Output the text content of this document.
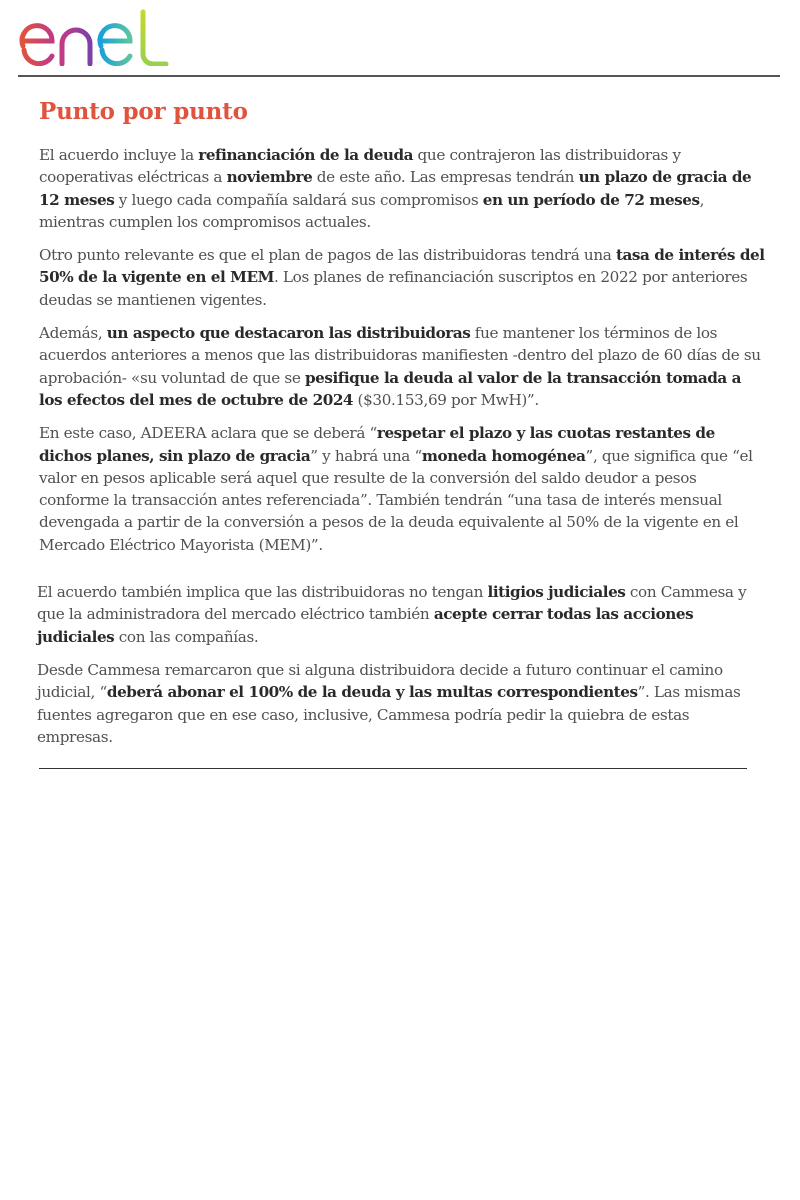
Punto por punto

El acuerdo incluye la refinanciación de la deuda que contrajeron las distribuidoras y cooperativas eléctricas a noviembre de este año. Las empresas tendrán un plazo de gracia de 12 meses y luego cada compañía saldará sus compromisos en un período de 72 meses, mientras cumplen los compromisos actuales.

Otro punto relevante es que el plan de pagos de las distribuidoras tendrá una tasa de interés del 50% de la vigente en el MEM. Los planes de refinanciación suscriptos en 2022 por anteriores deudas se mantienen vigentes.

Además, un aspecto que destacaron las distribuidoras fue mantener los términos de los acuerdos anteriores a menos que las distribuidoras manifiesten -dentro del plazo de 60 días de su aprobación- «su voluntad de que se pesifique la deuda al valor de la transacción tomada a los efectos del mes de octubre de 2024 ($30.153,69 por MwH)”.

En este caso, ADEERA aclara que se deberá “respetar el plazo y las cuotas restantes de dichos planes, sin plazo de gracia” y habrá una “moneda homogénea”, que significa que “el valor en pesos aplicable será aquel que resulte de la conversión del saldo deudor a pesos conforme la transacción antes referenciada”. También tendrán “una tasa de interés mensual devengada a partir de la conversión a pesos de la deuda equivalente al 50% de la vigente en el Mercado Eléctrico Mayorista (MEM)”.

El acuerdo también implica que las distribuidoras no tengan litigios judiciales con Cammesa y que la administradora del mercado eléctrico también acepte cerrar todas las acciones judiciales con las compañías.

Desde Cammesa remarcaron que si alguna distribuidora decide a futuro continuar el camino judicial, “deberá abonar el 100% de la deuda y las multas correspondientes”. Las mismas fuentes agregaron que en ese caso, inclusive, Cammesa podría pedir la quiebra de estas empresas.
